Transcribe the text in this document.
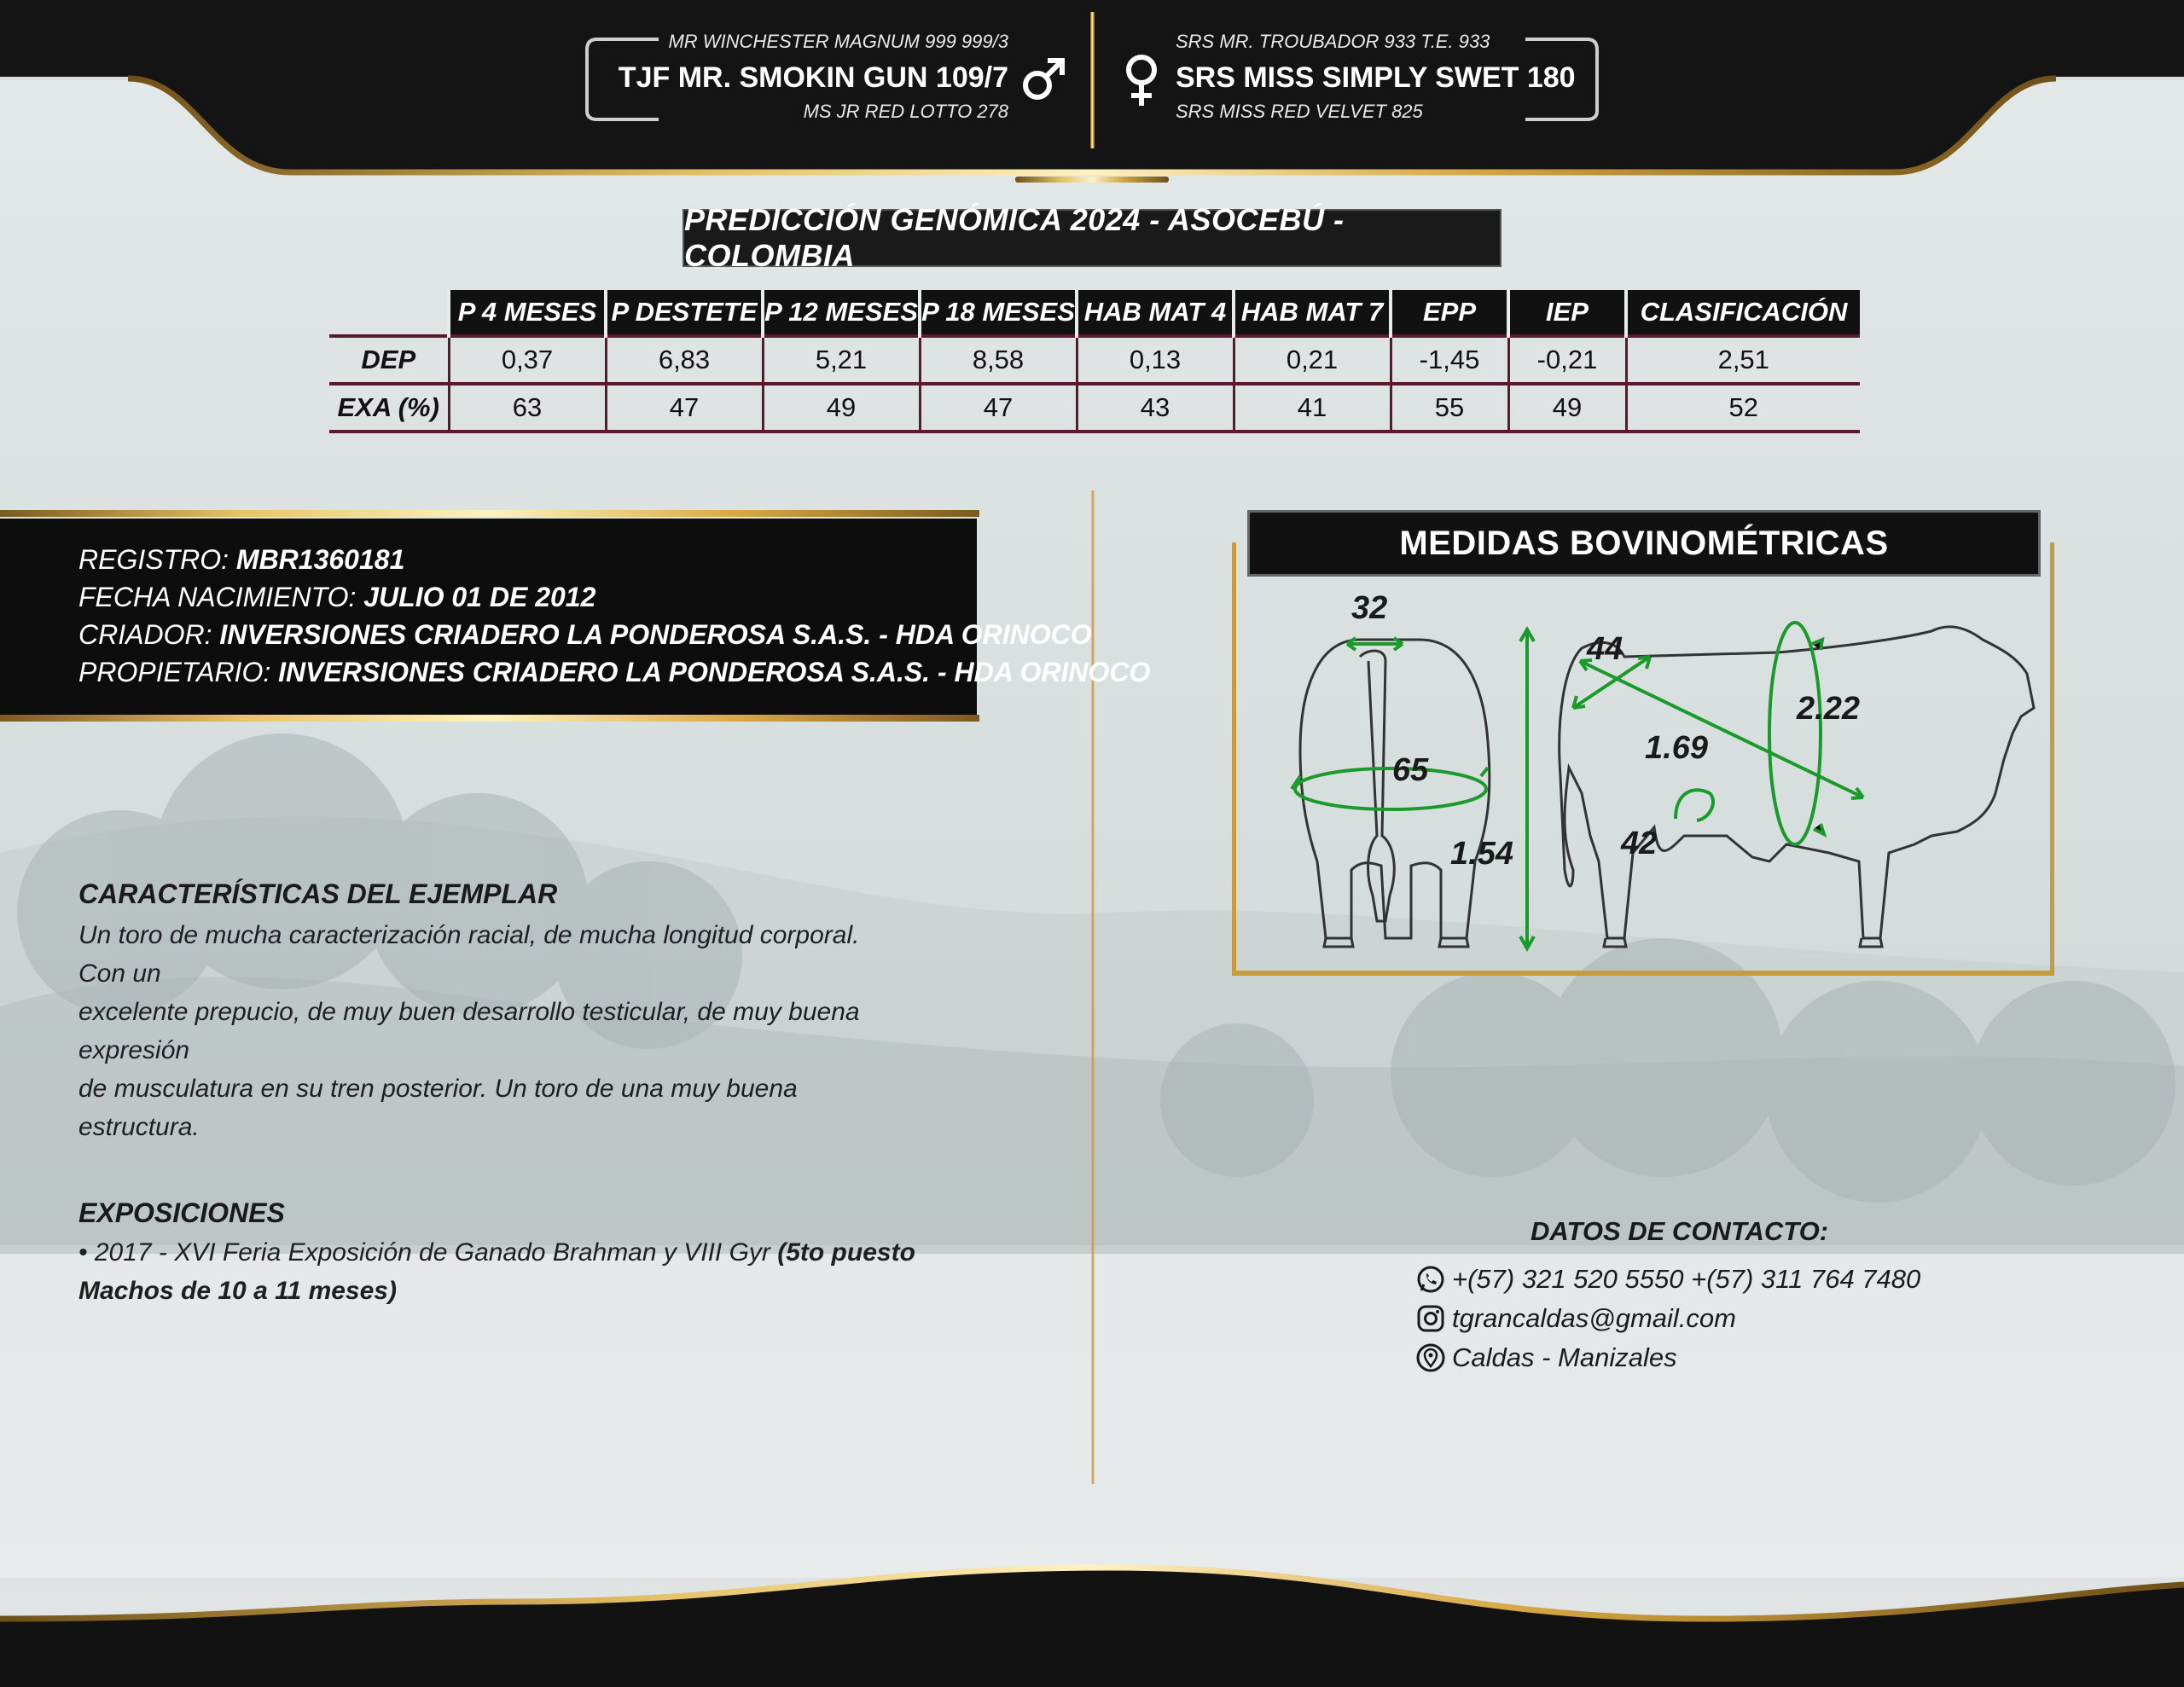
MR WINCHESTER MAGNUM 999 999/3
TJF MR. SMOKIN GUN 109/7
MS JR RED LOTTO 278
SRS MR. TROUBADOR 933 T.E. 933
SRS MISS SIMPLY SWET 180
SRS MISS RED VELVET 825
PREDICCIÓN GENÓMICA 2024 - ASOCEBÚ - COLOMBIA
	P 4 MESES	P DESTETE	P 12 MESES	P 18 MESES	HAB MAT 4	HAB MAT 7	EPP	IEP	CLASIFICACIÓN
DEP	0,37	6,83	5,21	8,58	0,13	0,21	-1,45	-0,21	2,51
EXA (%)	63	47	49	47	43	41	55	49	52
REGISTRO: MBR1360181
FECHA NACIMIENTO: JULIO 01 DE 2012
CRIADOR: INVERSIONES CRIADERO LA PONDEROSA S.A.S. - HDA ORINOCO
PROPIETARIO: INVERSIONES CRIADERO LA PONDEROSA S.A.S. - HDA ORINOCO
CARACTERÍSTICAS DEL EJEMPLAR
Un toro de mucha caracterización racial, de mucha longitud corporal. Con un
excelente prepucio, de muy buen desarrollo testicular, de muy buena expresión
de musculatura en su tren posterior. Un toro de una muy buena estructura.
EXPOSICIONES
• 2017 - XVI Feria Exposición de Ganado Brahman y VIII Gyr (5to puesto
Machos de 10 a 11 meses)
MEDIDAS BOVINOMÉTRICAS
32
65
1.54
44
1.69
2.22
42
DATOS DE CONTACTO:
+(57) 321 520 5550 +(57) 311 764 7480
tgrancaldas@gmail.com
Caldas - Manizales
